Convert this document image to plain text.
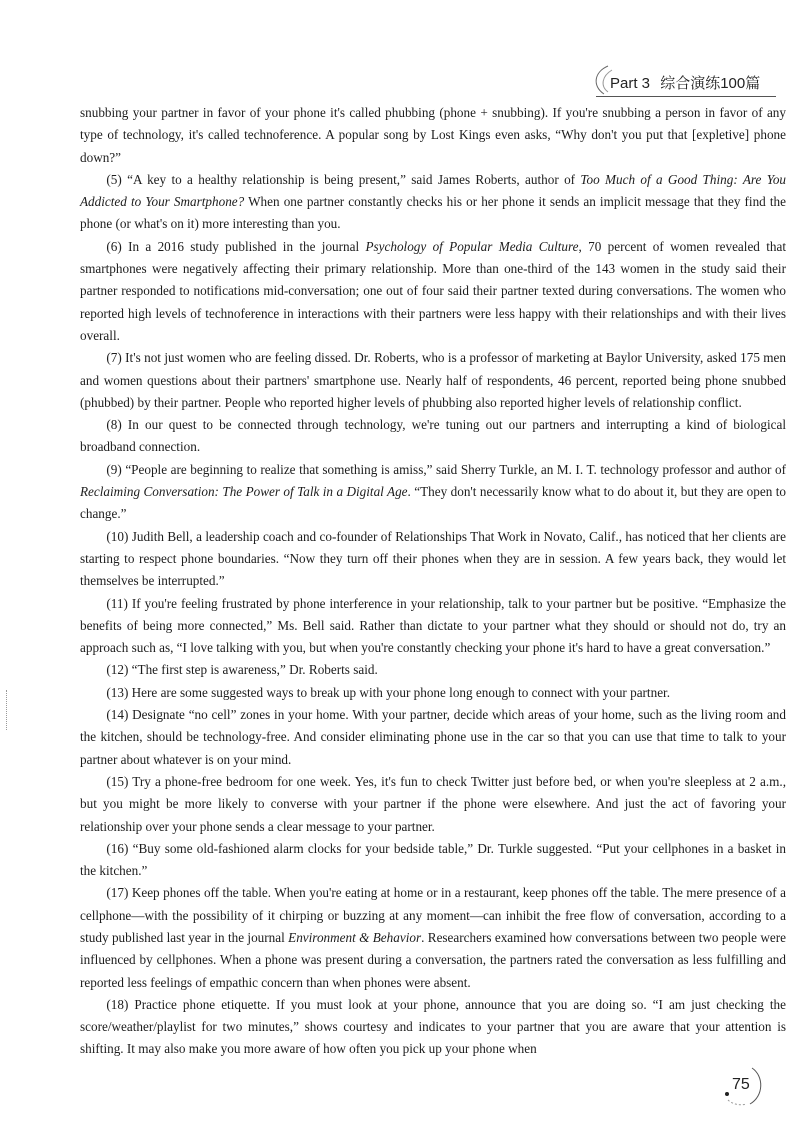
Part 3 综合演练100篇

snubbing your partner in favor of your phone it's called phubbing (phone + snubbing). If you're snubbing a person in favor of any type of technology, it's called technoference. A popular song by Lost Kings even asks, “Why don't you put that [expletive] phone down?”

(5) “A key to a healthy relationship is being present,” said James Roberts, author of Too Much of a Good Thing: Are You Addicted to Your Smartphone? When one partner constantly checks his or her phone it sends an implicit message that they find the phone (or what's on it) more interesting than you.

(6) In a 2016 study published in the journal Psychology of Popular Media Culture, 70 percent of women revealed that smartphones were negatively affecting their primary relationship. More than one-third of the 143 women in the study said their partner responded to notifications mid-conversation; one out of four said their partner texted during conversations. The women who reported high levels of technoference in interactions with their partners were less happy with their relationships and with their lives overall.

(7) It's not just women who are feeling dissed. Dr. Roberts, who is a professor of marketing at Baylor University, asked 175 men and women questions about their partners' smartphone use. Nearly half of respondents, 46 percent, reported being phone snubbed (phubbed) by their partner. People who reported higher levels of phubbing also reported higher levels of relationship conflict.

(8) In our quest to be connected through technology, we're tuning out our partners and interrupting a kind of biological broadband connection.

(9) “People are beginning to realize that something is amiss,” said Sherry Turkle, an M. I. T. technology professor and author of Reclaiming Conversation: The Power of Talk in a Digital Age. “They don't necessarily know what to do about it, but they are open to change.”

(10) Judith Bell, a leadership coach and co-founder of Relationships That Work in Novato, Calif., has noticed that her clients are starting to respect phone boundaries. “Now they turn off their phones when they are in session. A few years back, they would let themselves be interrupted.”

(11) If you're feeling frustrated by phone interference in your relationship, talk to your partner but be positive. “Emphasize the benefits of being more connected,” Ms. Bell said. Rather than dictate to your partner what they should or should not do, try an approach such as, “I love talking with you, but when you're constantly checking your phone it's hard to have a great conversation.”

(12) “The first step is awareness,” Dr. Roberts said.

(13) Here are some suggested ways to break up with your phone long enough to connect with your partner.

(14) Designate “no cell” zones in your home. With your partner, decide which areas of your home, such as the living room and the kitchen, should be technology-free. And consider eliminating phone use in the car so that you can use that time to talk to your partner about whatever is on your mind.

(15) Try a phone-free bedroom for one week. Yes, it's fun to check Twitter just before bed, or when you're sleepless at 2 a.m., but you might be more likely to converse with your partner if the phone were elsewhere. And just the act of favoring your relationship over your phone sends a clear message to your partner.

(16) “Buy some old-fashioned alarm clocks for your bedside table,” Dr. Turkle suggested. “Put your cellphones in a basket in the kitchen.”

(17) Keep phones off the table. When you're eating at home or in a restaurant, keep phones off the table. The mere presence of a cellphone—with the possibility of it chirping or buzzing at any moment—can inhibit the free flow of conversation, according to a study published last year in the journal Environment & Behavior. Researchers examined how conversations between two people were influenced by cellphones. When a phone was present during a conversation, the partners rated the conversation as less fulfilling and reported less feelings of empathic concern than when phones were absent.

(18) Practice phone etiquette. If you must look at your phone, announce that you are doing so. “I am just checking the score/weather/playlist for two minutes,” shows courtesy and indicates to your partner that you are aware that your attention is shifting. It may also make you more aware of how often you pick up your phone when

75
